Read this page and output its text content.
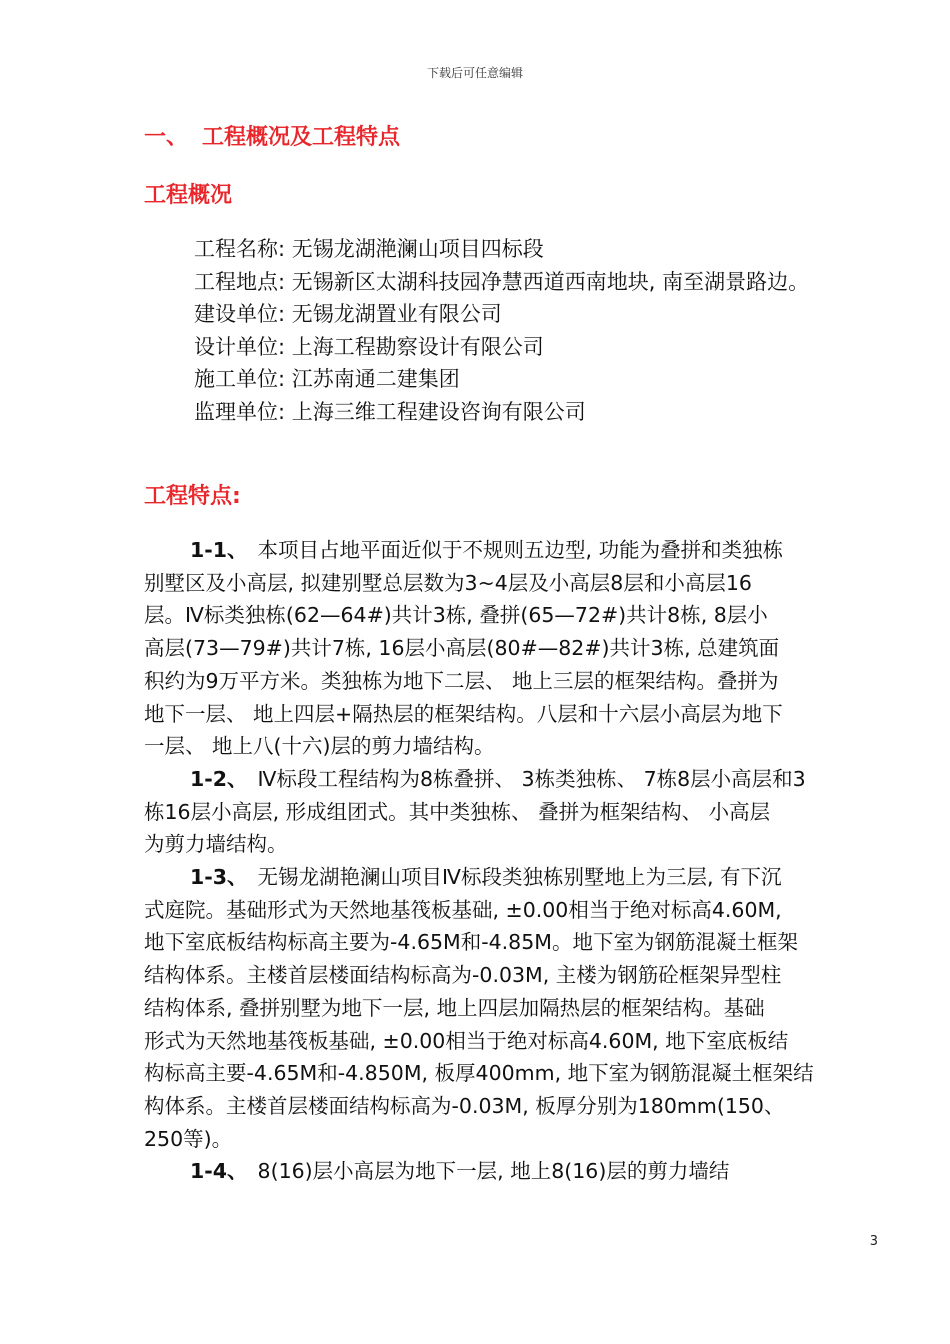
下载后可任意编辑
一、 工程概况及工程特点
工程概况
工程名称: 无锡龙湖滟澜山项目四标段
工程地点: 无锡新区太湖科技园净慧西道西南地块, 南至湖景路边。
建设单位: 无锡龙湖置业有限公司
设计单位: 上海工程勘察设计有限公司
施工单位: 江苏南通二建集团
监理单位: 上海三维工程建设咨询有限公司
工程特点:
1-1、 本项目占地平面近似于不规则五边型, 功能为叠拼和类独栋
别墅区及小高层, 拟建别墅总层数为3~4层及小高层8层和小高层16
层。Ⅳ标类独栋(62—64#)共计3栋, 叠拼(65—72#)共计8栋, 8层小
高层(73—79#)共计7栋, 16层小高层(80#—82#)共计3栋, 总建筑面
积约为9万平方米。类独栋为地下二层、 地上三层的框架结构。叠拼为
地下一层、 地上四层+隔热层的框架结构。八层和十六层小高层为地下
一层、 地上八(十六)层的剪力墙结构。
1-2、 Ⅳ标段工程结构为8栋叠拼、 3栋类独栋、 7栋8层小高层和3
栋16层小高层, 形成组团式。其中类独栋、 叠拼为框架结构、 小高层
为剪力墙结构。
1-3、 无锡龙湖艳澜山项目Ⅳ标段类独栋别墅地上为三层, 有下沉
式庭院。基础形式为天然地基筏板基础, ±0.00相当于绝对标高4.60M,
地下室底板结构标高主要为-4.65M和-4.85M。地下室为钢筋混凝土框架
结构体系。主楼首层楼面结构标高为-0.03M, 主楼为钢筋砼框架异型柱
结构体系, 叠拼别墅为地下一层, 地上四层加隔热层的框架结构。基础
形式为天然地基筏板基础, ±0.00相当于绝对标高4.60M, 地下室底板结
构标高主要-4.65M和-4.850M, 板厚400mm, 地下室为钢筋混凝土框架结
构体系。主楼首层楼面结构标高为-0.03M, 板厚分别为180mm(150、
250等)。
1-4、 8(16)层小高层为地下一层, 地上8(16)层的剪力墙结
3
